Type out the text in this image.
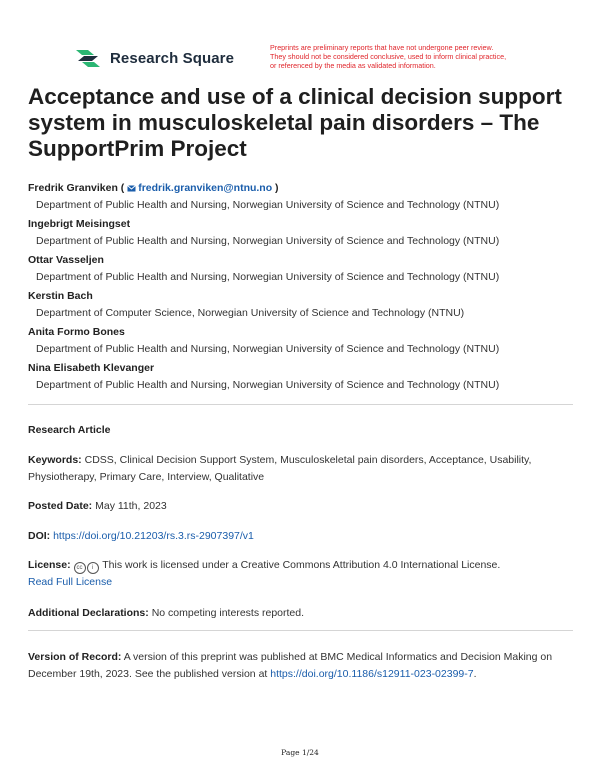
Research Square
Preprints are preliminary reports that have not undergone peer review.
They should not be considered conclusive, used to inform clinical practice,
or referenced by the media as validated information.
Acceptance and use of a clinical decision support system in musculoskeletal pain disorders – The SupportPrim Project
Fredrik Granviken ( fredrik.granviken@ntnu.no )
Department of Public Health and Nursing, Norwegian University of Science and Technology (NTNU)
Ingebrigt Meisingset
Department of Public Health and Nursing, Norwegian University of Science and Technology (NTNU)
Ottar Vasseljen
Department of Public Health and Nursing, Norwegian University of Science and Technology (NTNU)
Kerstin Bach
Department of Computer Science, Norwegian University of Science and Technology (NTNU)
Anita Formo Bones
Department of Public Health and Nursing, Norwegian University of Science and Technology (NTNU)
Nina Elisabeth Klevanger
Department of Public Health and Nursing, Norwegian University of Science and Technology (NTNU)
Research Article
Keywords: CDSS, Clinical Decision Support System, Musculoskeletal pain disorders, Acceptance, Usability, Physiotherapy, Primary Care, Interview, Qualitative
Posted Date: May 11th, 2023
DOI: https://doi.org/10.21203/rs.3.rs-2907397/v1
License: cc i This work is licensed under a Creative Commons Attribution 4.0 International License.
Read Full License
Additional Declarations: No competing interests reported.
Version of Record: A version of this preprint was published at BMC Medical Informatics and Decision Making on December 19th, 2023. See the published version at https://doi.org/10.1186/s12911-023-02399-7.
Page 1/24
